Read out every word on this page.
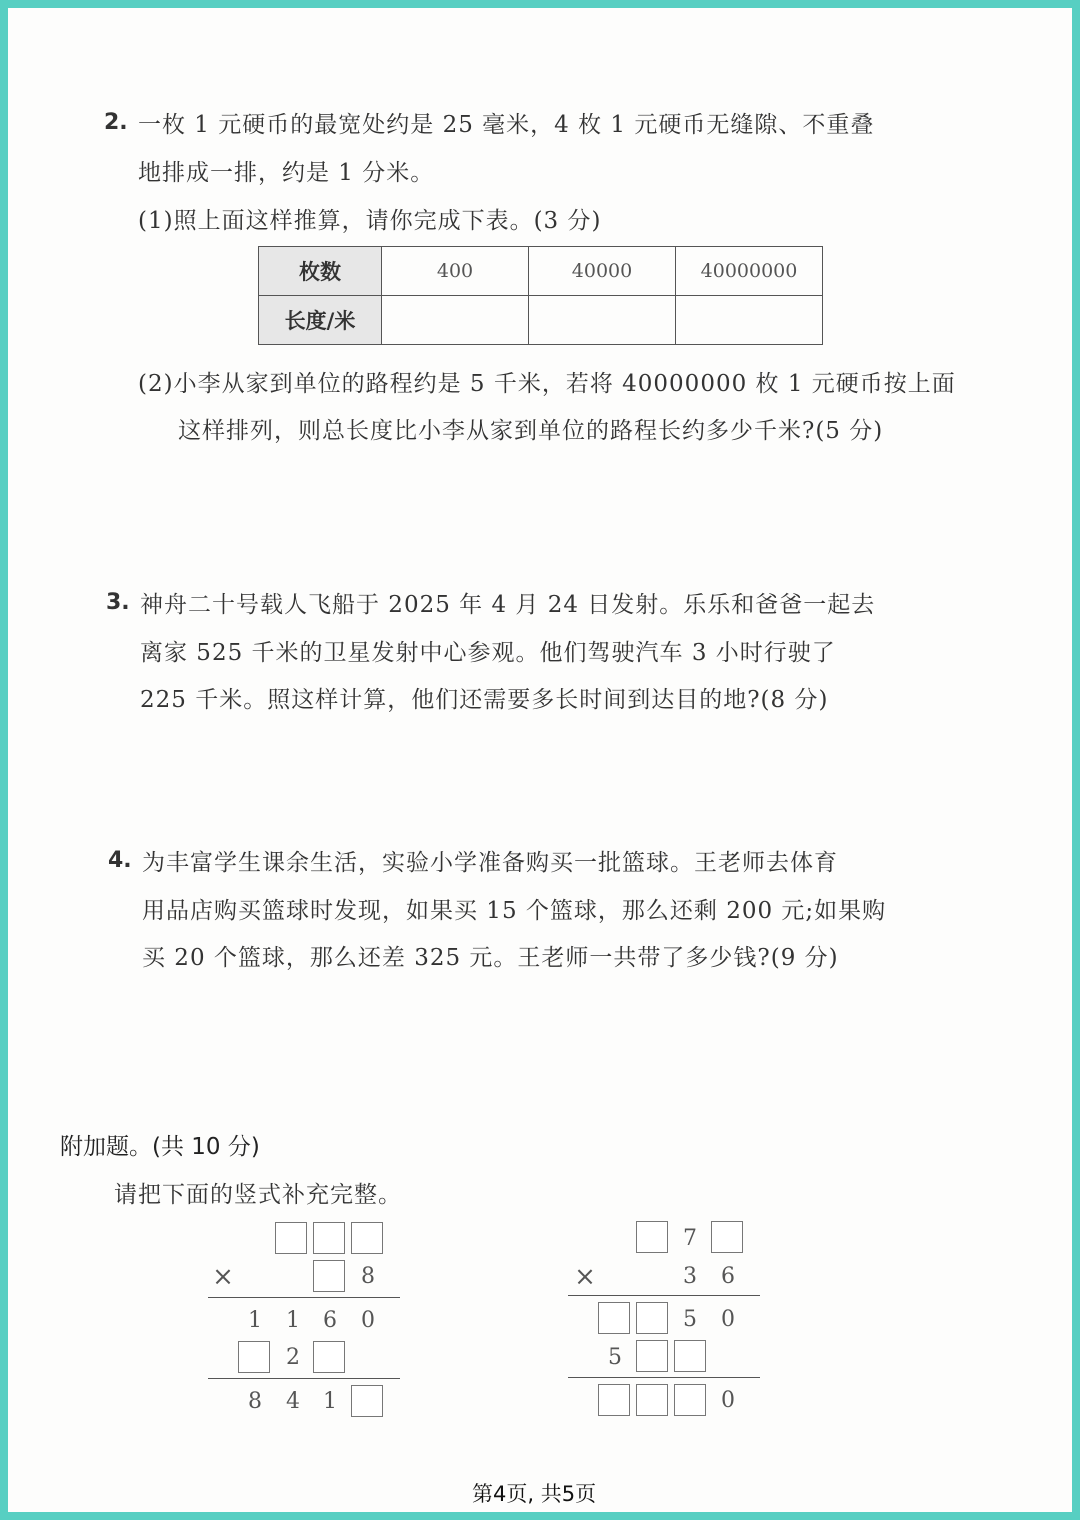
2. 一枚 1 元硬币的最宽处约是 25 毫米，4 枚 1 元硬币无缝隙、不重叠
地排成一排，约是 1 分米。
(1)照上面这样推算，请你完成下表。(3 分)
枚数	400	40000	40000000
长度/米			
(2)小李从家到单位的路程约是 5 千米，若将 40000000 枚 1 元硬币按上面
这样排列，则总长度比小李从家到单位的路程长约多少千米?(5 分)
3. 神舟二十号载人飞船于 2025 年 4 月 24 日发射。乐乐和爸爸一起去
离家 525 千米的卫星发射中心参观。他们驾驶汽车 3 小时行驶了
225 千米。照这样计算，他们还需要多长时间到达目的地?(8 分)
4. 为丰富学生课余生活，实验小学准备购买一批篮球。王老师去体育
用品店购买篮球时发现，如果买 15 个篮球，那么还剩 200 元;如果购
买 20 个篮球，那么还差 325 元。王老师一共带了多少钱?(9 分)
附加题。(共 10 分)
请把下面的竖式补充完整。
×	8
1	1	6	0
2
8	4	1
7
×	3	6
5	0
5
0
第4页, 共5页
